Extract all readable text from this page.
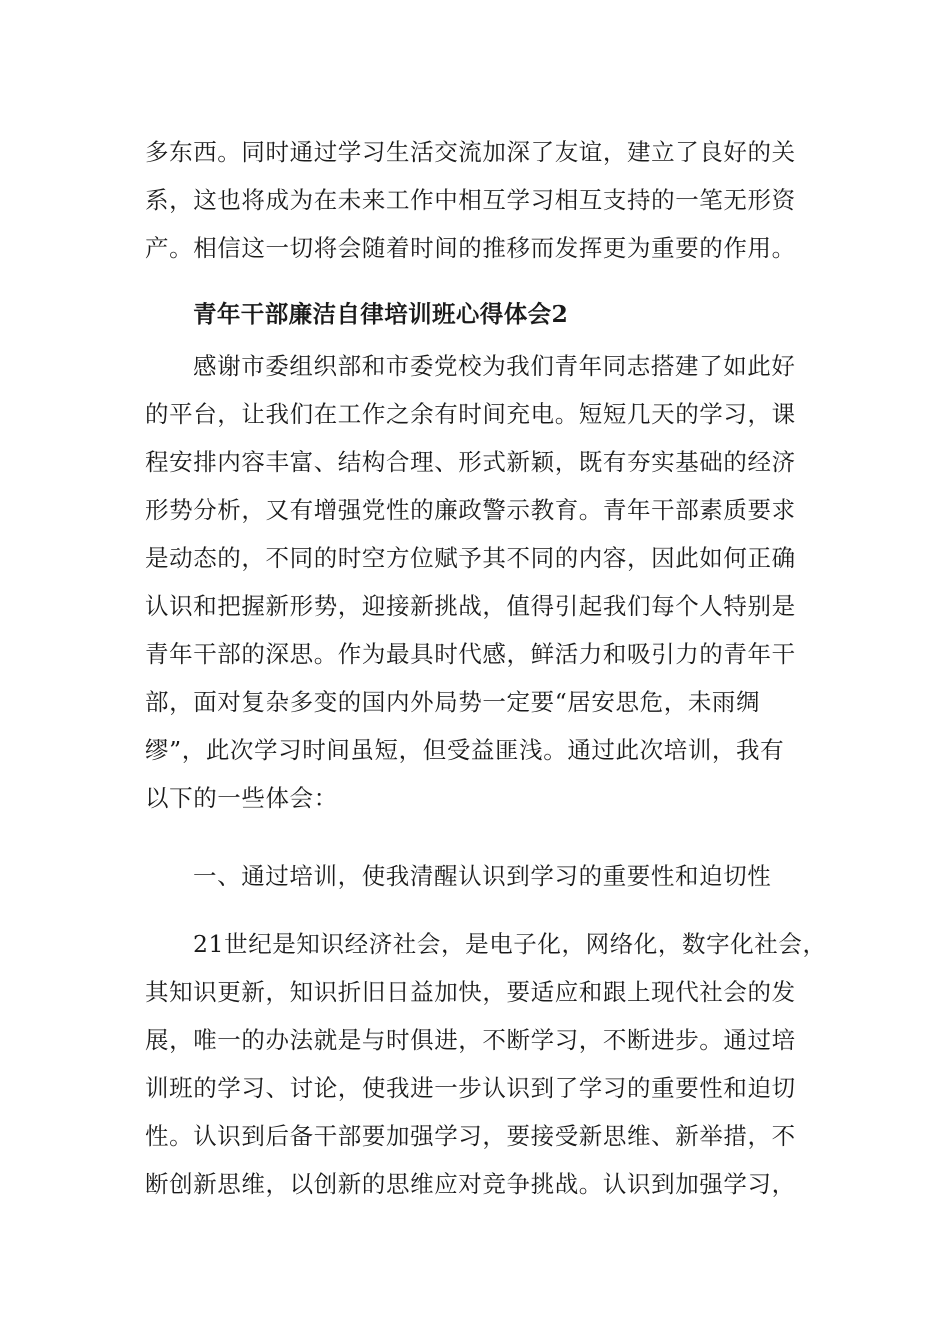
多东西。同时通过学习生活交流加深了友谊，建立了良好的关
系，这也将成为在未来工作中相互学习相互支持的一笔无形资
产。相信这一切将会随着时间的推移而发挥更为重要的作用。
青年干部廉洁自律培训班心得体会2
感谢市委组织部和市委党校为我们青年同志搭建了如此好
的平台，让我们在工作之余有时间充电。短短几天的学习，课
程安排内容丰富、结构合理、形式新颖，既有夯实基础的经济
形势分析，又有增强党性的廉政警示教育。青年干部素质要求
是动态的，不同的时空方位赋予其不同的内容，因此如何正确
认识和把握新形势，迎接新挑战，值得引起我们每个人特别是
青年干部的深思。作为最具时代感，鲜活力和吸引力的青年干
部，面对复杂多变的国内外局势一定要“居安思危，未雨绸
缪”，此次学习时间虽短，但受益匪浅。通过此次培训，我有
以下的一些体会：
一、通过培训，使我清醒认识到学习的重要性和迫切性
21世纪是知识经济社会，是电子化，网络化，数字化社会，
其知识更新，知识折旧日益加快，要适应和跟上现代社会的发
展，唯一的办法就是与时俱进，不断学习，不断进步。通过培
训班的学习、讨论，使我进一步认识到了学习的重要性和迫切
性。认识到后备干部要加强学习，要接受新思维、新举措，不
断创新思维，以创新的思维应对竞争挑战。认识到加强学习，
